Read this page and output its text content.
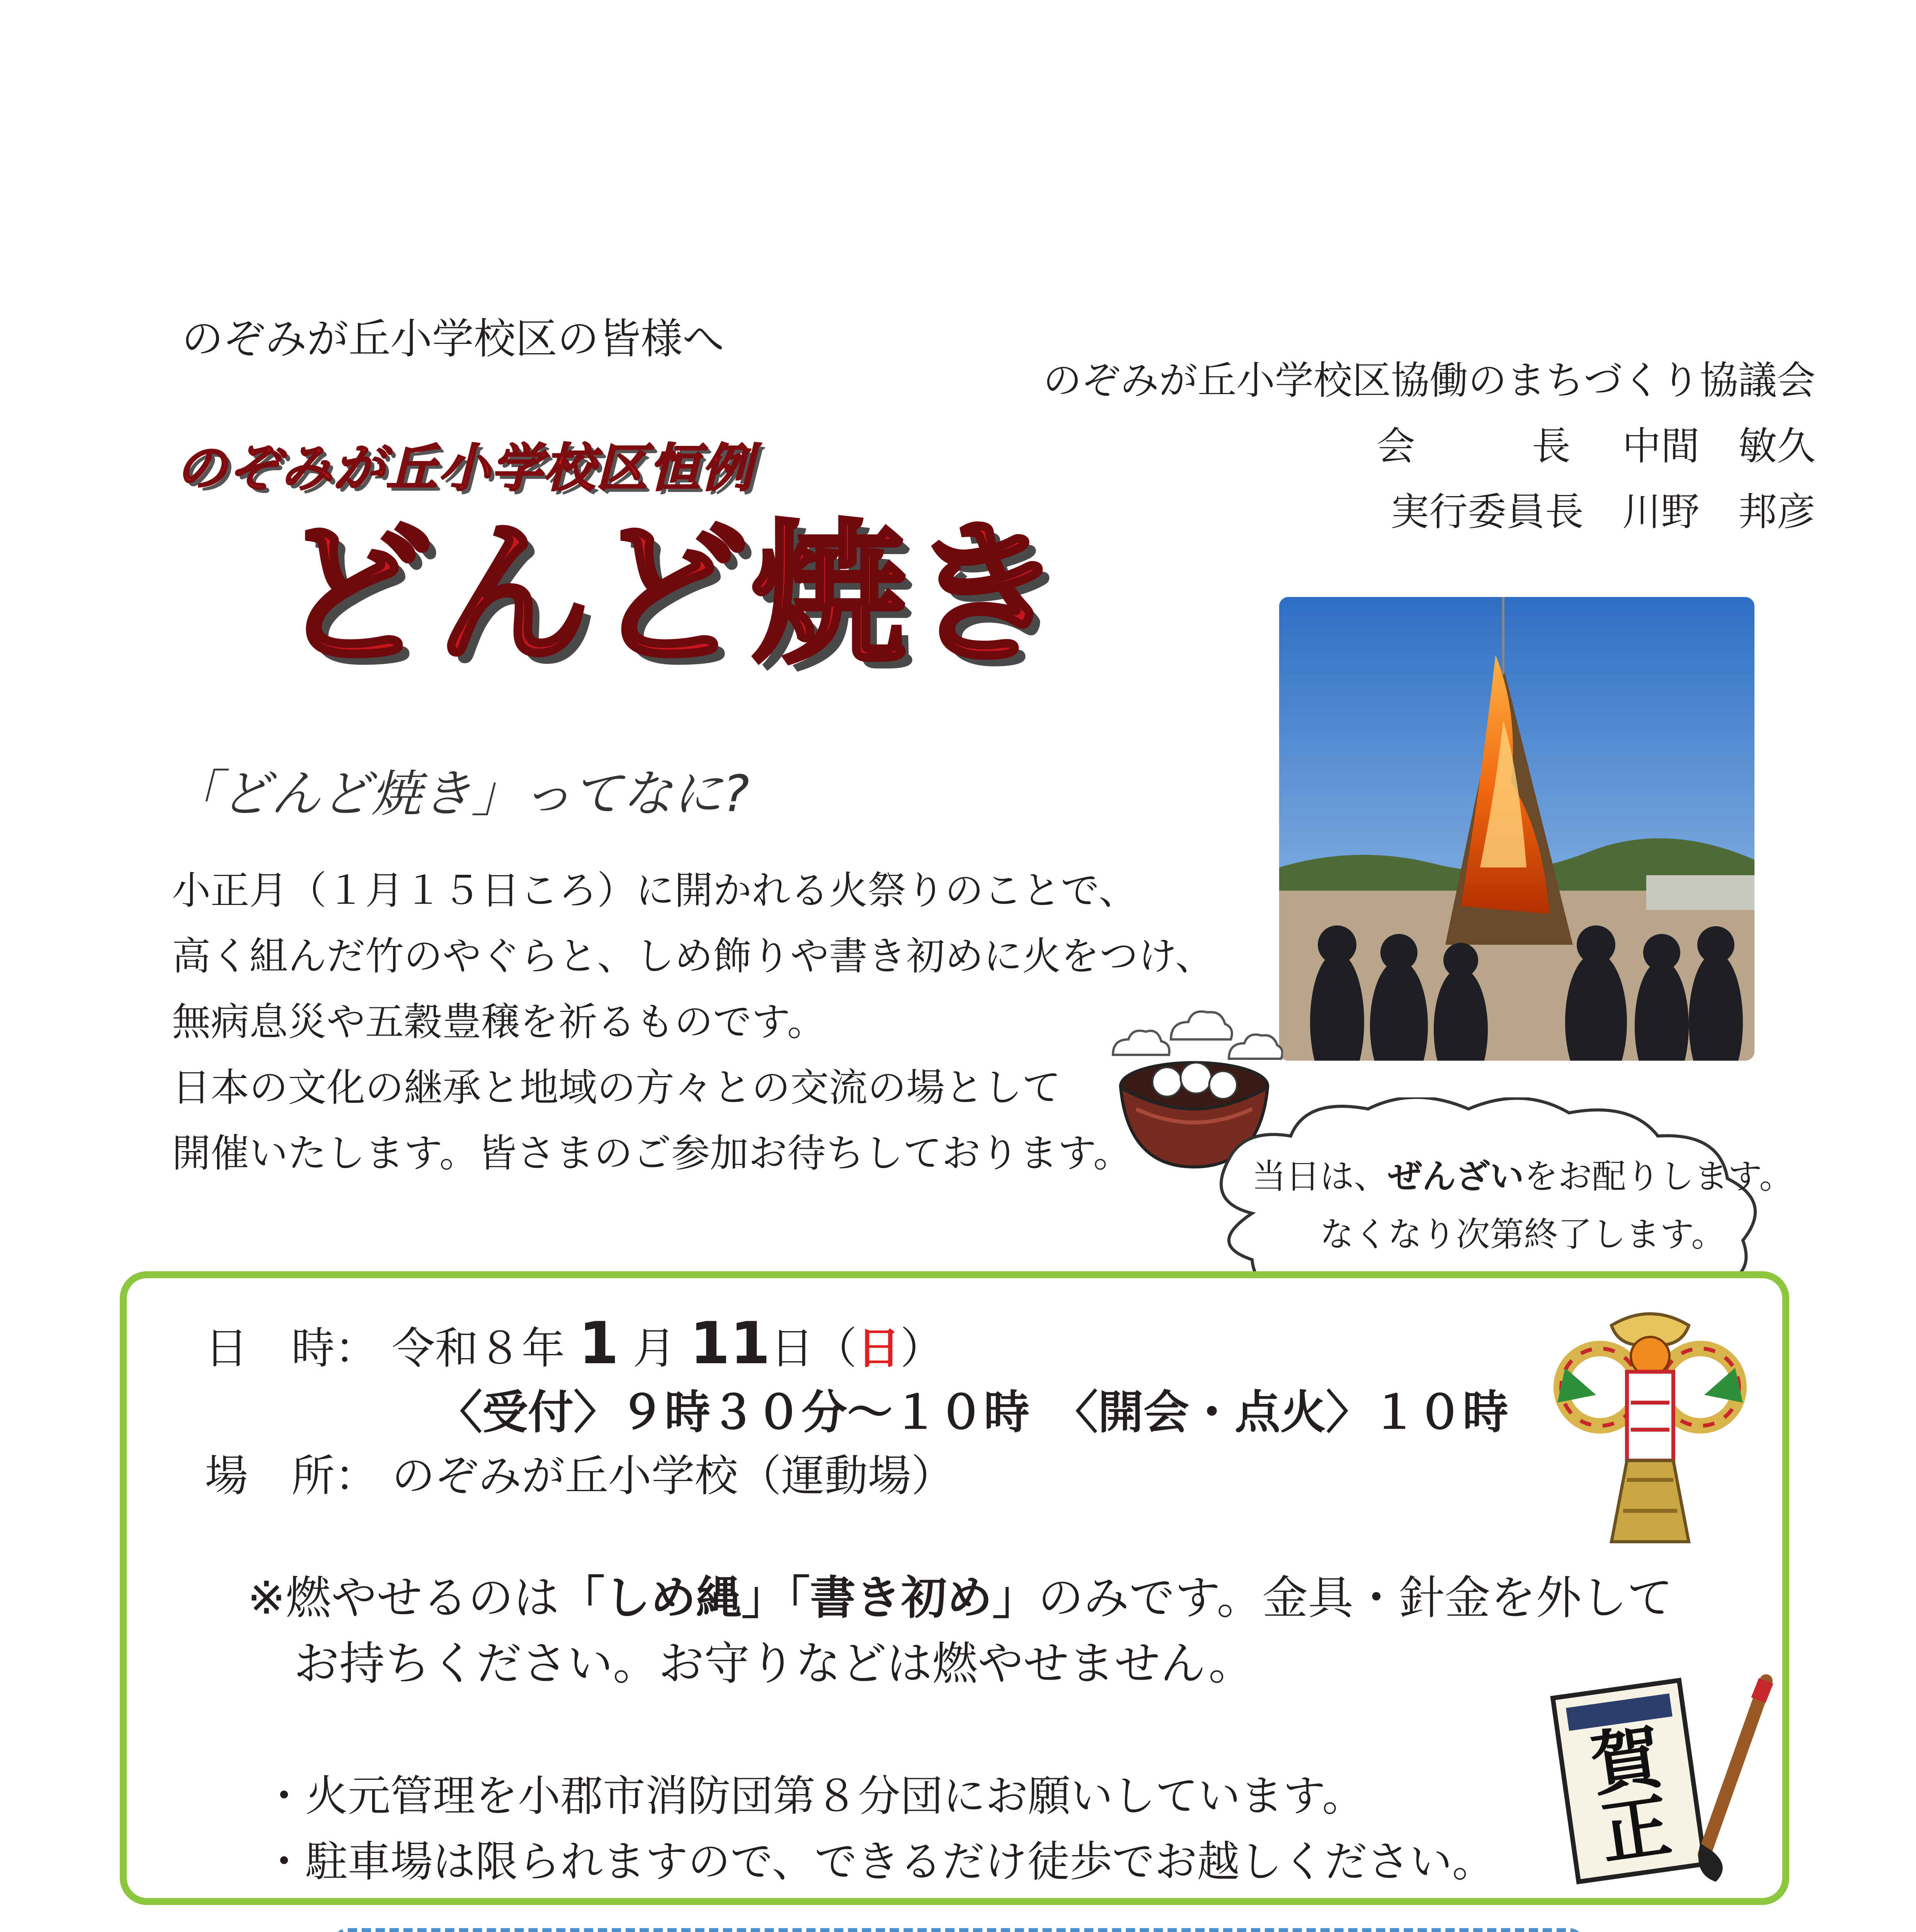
のぞみが丘小学校区の皆様へ
のぞみが丘小学校区協働のまちづくり協議会
会　　長　 中間　敏久
実行委員長　 川野　邦彦
のぞみが丘小学校区恒例
どんど焼き
「どんど焼き」ってなに?
小正月（１月１５日ころ）に開かれる火祭りのことで、
高く組んだ竹のやぐらと、しめ飾りや書き初めに火をつけ、
無病息災や五穀豊穣を祈るものです。
日本の文化の継承と地域の方々との交流の場として
開催いたします。皆さまのご参加お待ちしております。
当日は、ぜんざいをお配りします。
なくなり次第終了します。
日　時： 令和８年 1 月 11日（日）
〈受付〉９時３０分〜１０時　〈開会・点火〉１０時
場　所： のぞみが丘小学校（運動場）
※燃やせるのは「しめ縄」「書き初め」のみです。金具・針金を外して
お持ちください。お守りなどは燃やせません。
・火元管理を小郡市消防団第８分団にお願いしています。
・駐車場は限られますので、できるだけ徒歩でお越しください。
賀
正
